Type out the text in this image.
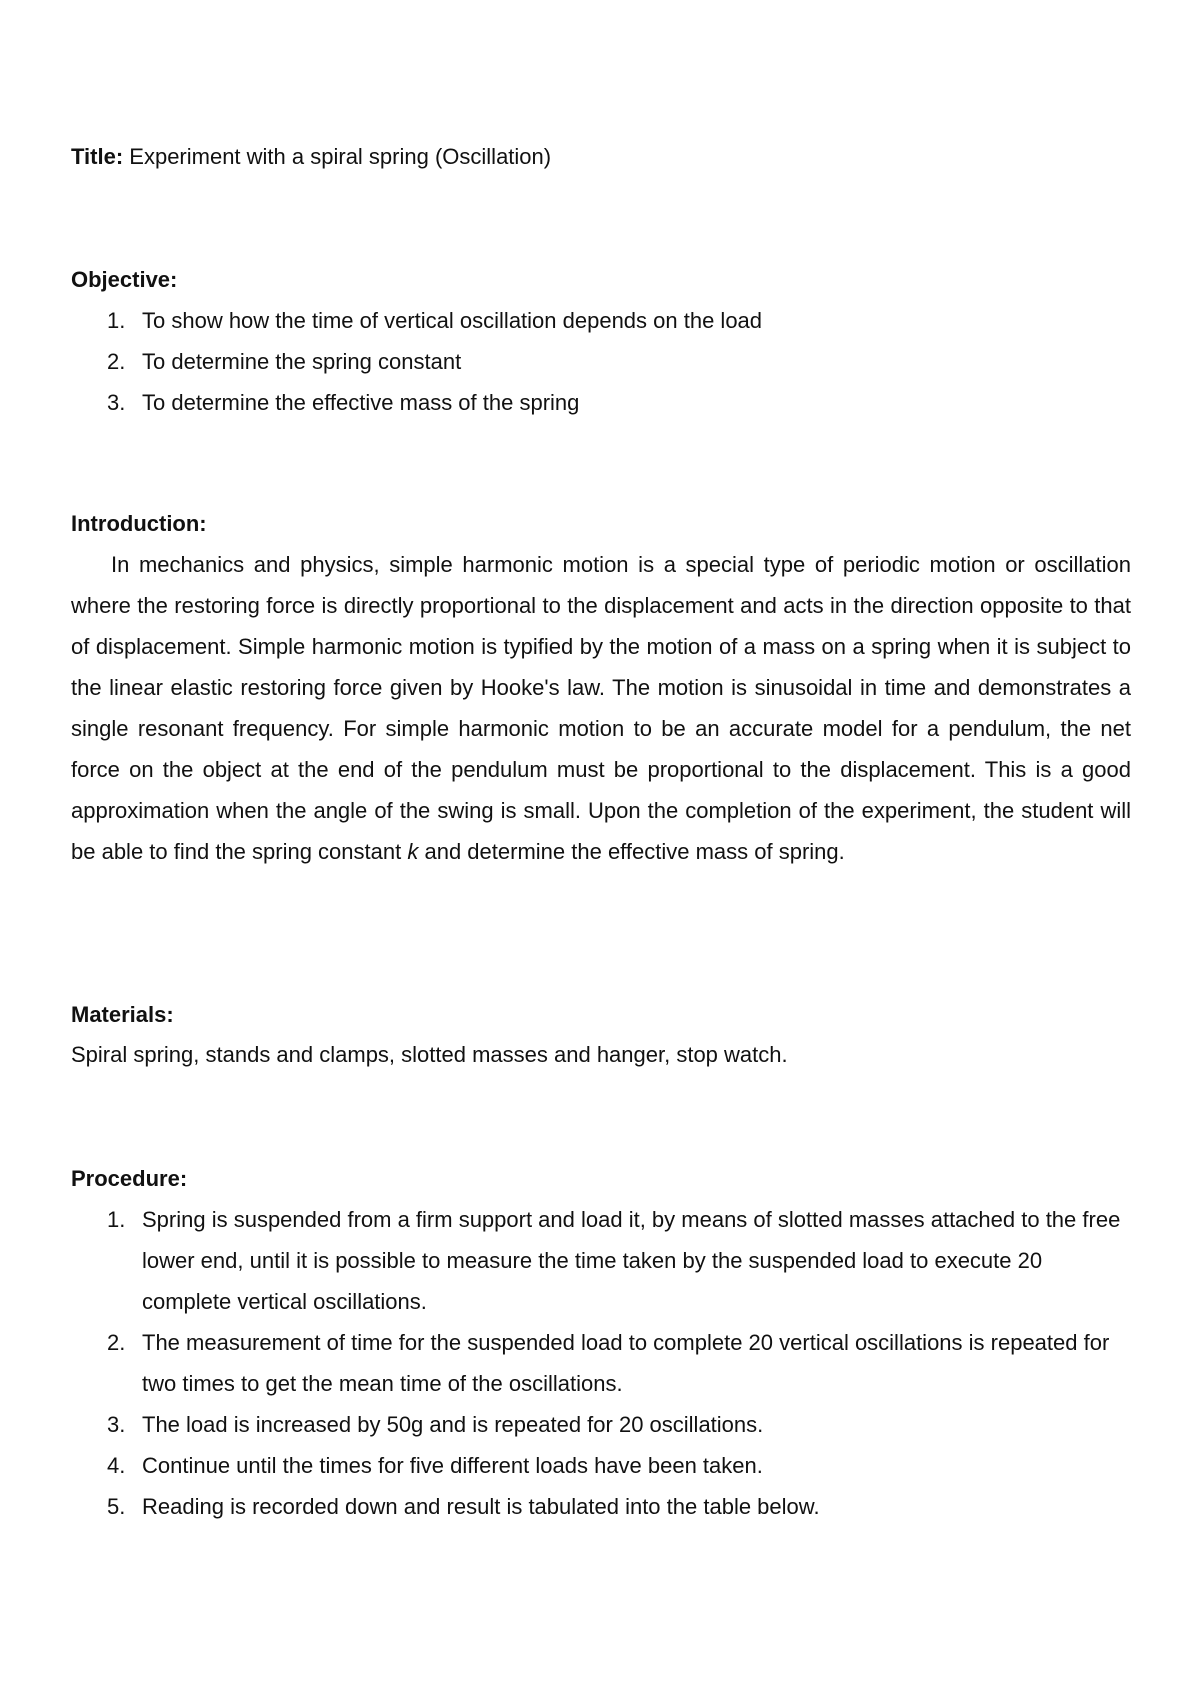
Title: Experiment with a spiral spring (Oscillation)

Objective:

1. To show how the time of vertical oscillation depends on the load
2. To determine the spring constant
3. To determine the effective mass of the spring

Introduction:

In mechanics and physics, simple harmonic motion is a special type of periodic motion or oscillation where the restoring force is directly proportional to the displacement and acts in the direction opposite to that of displacement. Simple harmonic motion is typified by the motion of a mass on a spring when it is subject to the linear elastic restoring force given by Hooke's law. The motion is sinusoidal in time and demonstrates a single resonant frequency. For simple harmonic motion to be an accurate model for a pendulum, the net force on the object at the end of the pendulum must be proportional to the displacement. This is a good approximation when the angle of the swing is small. Upon the completion of the experiment, the student will be able to find the spring constant k and determine the effective mass of spring.

Materials:

Spiral spring, stands and clamps, slotted masses and hanger, stop watch.

Procedure:

1. Spring is suspended from a firm support and load it, by means of slotted masses attached to the free lower end, until it is possible to measure the time taken by the suspended load to execute 20 complete vertical oscillations.
2. The measurement of time for the suspended load to complete 20 vertical oscillations is repeated for two times to get the mean time of the oscillations.
3. The load is increased by 50g and is repeated for 20 oscillations.
4. Continue until the times for five different loads have been taken.
5. Reading is recorded down and result is tabulated into the table below.
